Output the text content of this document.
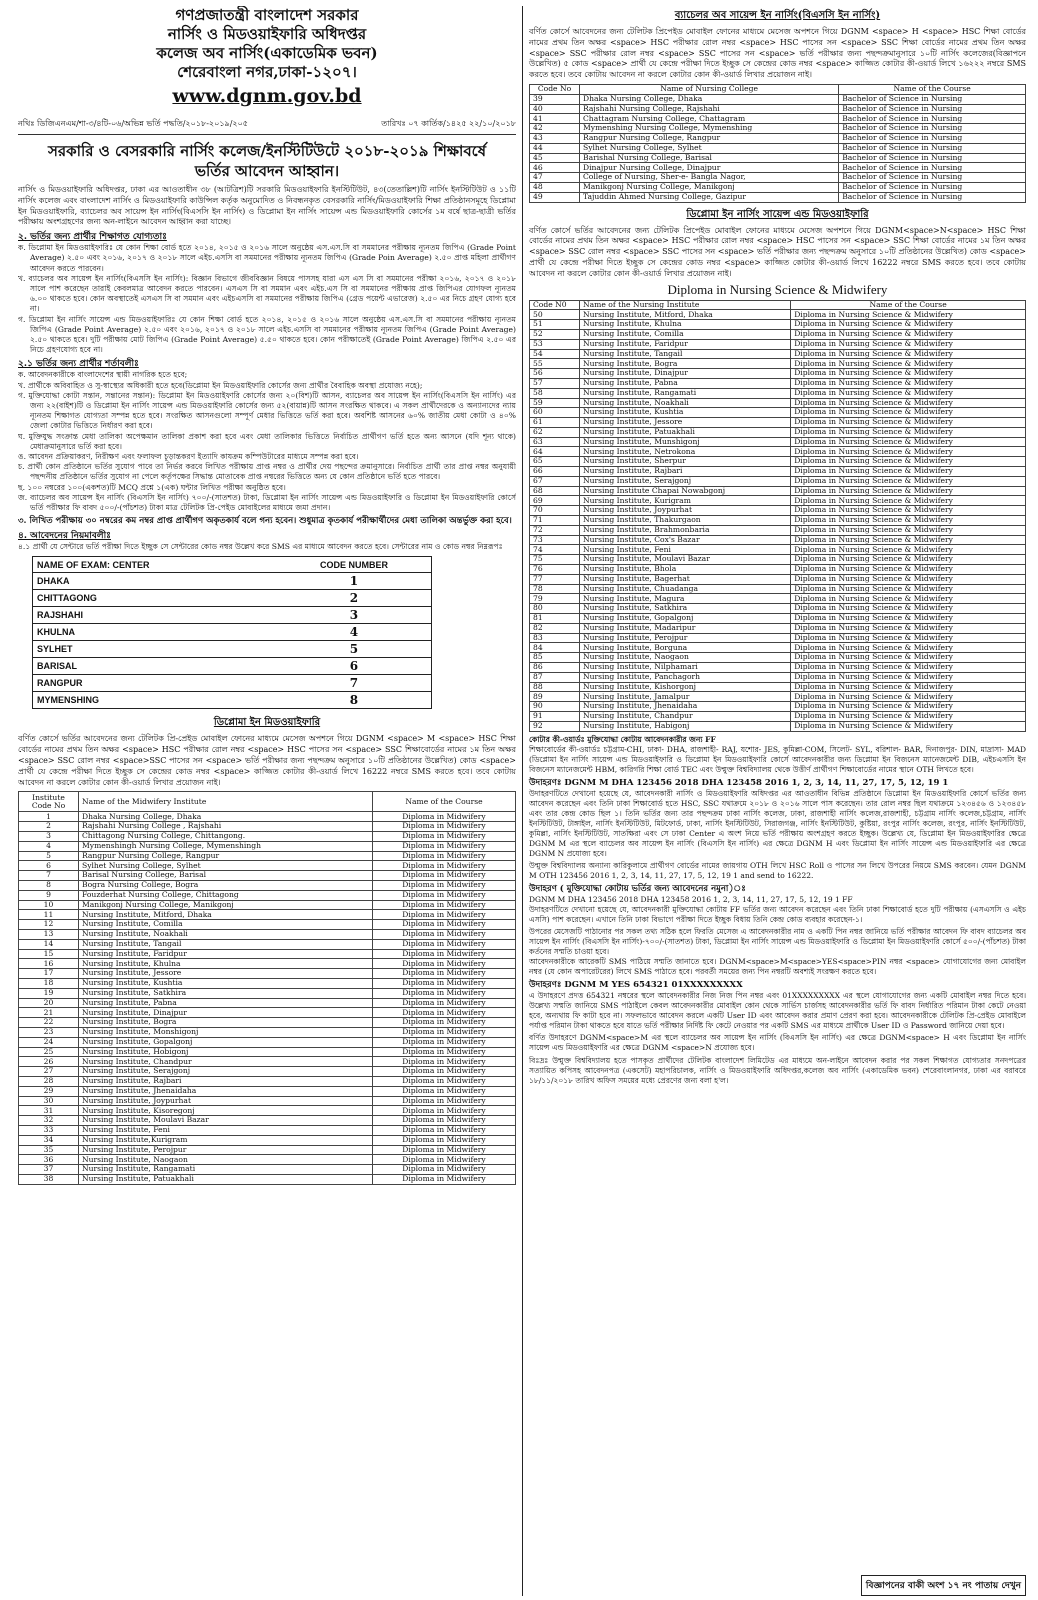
গণপ্রজাতন্ত্রী বাংলাদেশ সরকার
নার্সিং ও মিডওয়াইফারি অধিদপ্তর
কলেজ অব নার্সিং(একাডেমিক ভবন)
শেরেবাংলা নগর,ঢাকা-১২০৭।
www.dgnm.gov.bd
নথিঃ ডিজিএনএম/শা-৩/৪টি-০৬/অভিন্ন ভর্তি পদ্ধতি/২০১৮-২০১৯/২০৫	তারিখঃ ০৭ কার্তিক/১৪২৫ ২২/১০/২০১৮
সরকারি ও বেসরকারি নার্সিং কলেজ/ইনস্টিটিউটে ২০১৮-২০১৯ শিক্ষাবর্ষে
ভর্তির আবেদন আহ্বান।

নার্সিং ও মিডওয়াইফারি অধিদপ্তর, ঢাকা এর আওতাধীন ৩৮ (আটত্রিশ)টি সরকারি মিডওয়াইফারি ইনস্টিটিউট, ৪৩(তেতাল্লিশ)টি নার্সিং ইনস্টিটিউট ও ১১টি নার্সিং কলেজ এবং বাংলাদেশ নার্সিং ও মিডওয়াইফারি কাউন্সিল কর্তৃক অনুমোদিত ও নিবন্ধনকৃত বেসরকারি নার্সিং/মিডওয়াইফারি শিক্ষা প্রতিষ্ঠানসমূহে ডিপ্লোমা ইন মিডওয়াইফারি, ব্যাচেলর অব সায়েন্স ইন নার্সিং(বিএসসি ইন নার্সিং) ও ডিপ্লোমা ইন নার্সিং সায়েন্স এন্ড মিডওয়াইফারি কোর্সের ১ম বর্ষে ছাত্র-ছাত্রী ভর্তির পরীক্ষায় অংশগ্রহণের জন্য অন-লাইনে আবেদন আহ্বান করা যাচ্ছে।

২. ভর্তির জন্য প্রার্থীর শিক্ষাগত যোগ্যতাঃ
ক. ডিপ্লোমা ইন মিডওয়াইফারিঃ যে কোন শিক্ষা বোর্ড হতে ২০১৪, ২০১৫ ও ২০১৬ সালে অনুষ্ঠেয় এস.এস.সি বা সমমানের পরীক্ষায় ন্যূনতম জিপিএ (Grade Point Average) ২.৫০ এবং ২০১৬, ২০১৭ ও ২০১৮ সালে এইচ.এসসি বা সমমানের পরীক্ষায় ন্যূনতম জিপিএ (Grade Poin Average) ২.৫০ প্রাপ্ত মহিলা প্রার্থীগণ আবেদন করতে পারবেন।
খ. ব্যাচেলর অব সায়েন্স ইন নার্সিং(বিএসসি ইন নার্সিং): বিজ্ঞান বিভাগে জীববিজ্ঞান বিষয়ে পাসসহ যারা এস এস সি বা সমমানের পরীক্ষা ২০১৬, ২০১৭ ও ২০১৮ সালে পাশ করেছেন তারাই কেবলমাত্র আবেদন করতে পারবেন। এসএস সি বা সমমান এবং এইচ.এস সি বা সমমানের পরীক্ষায় প্রাপ্ত জিপিএর যোগফল ন্যূনতম ৬.০০ থাকতে হবে। কোন অবস্থাতেই এসএস সি বা সমমান এবং এইচএসসি বা সমমানের পরীক্ষায় জিপিএ (গ্রেড পয়েন্ট এভারেজ) ২.৫০ এর নিচে গ্রহণ যোগ্য হবে না।
গ. ডিপ্লোমা ইন নার্সিং সায়েন্স এন্ড মিডওয়াইফারিঃ যে কোন শিক্ষা বোর্ড হতে ২০১৪, ২০১৫ ও ২০১৬ সালে অনুষ্ঠেয় এস.এস.সি বা সমমানের পরীক্ষায় ন্যূনতম জিপিএ (Grade Point Average) ২.৫০ এবং ২০১৬, ২০১৭ ও ২০১৮ সালে এইচ.এসসি বা সমমানের পরীক্ষায় ন্যূনতম জিপিএ (Grade Point Average) ২.৫০ থাকতে হবে। দুটি পরীক্ষায় মোট জিপিএ (Grade Point Average) ৫.৫০ থাকতে হবে। কোন পরীক্ষাতেই (Grade Point Average) জিপিএ ২.৫০ এর নিচে গ্রহণযোগ্য হবে না।
২.১ ভর্তির জন্য প্রার্থীর শর্তাবলীঃ
ক. আবেদনকারীকে বাংলাদেশের স্থায়ী নাগরিক হতে হবে;
খ. প্রার্থীকে অবিবাহিত ও সু-স্বাস্থ্যের অধিকারী হতে হবে(ডিপ্লোমা ইন মিডওয়াইফারি কোর্সের জন্য প্রার্থীর বৈবাহিক অবস্থা প্রযোজ্য নহে);
গ. মুক্তিযোদ্ধা কোটা সন্তান, সন্তানের সন্তান): ডিপ্লোমা ইন মিডওয়াইফারি কোর্সের জন্য ২০(বিশ)টি আসন, ব্যাচেলর অব সায়েন্স ইন নার্সিং(বিএসসি ইন নার্সিং) এর জন্য ২২(বাইশ)টি ও ডিপ্লোমা ইন নার্সিং সায়েন্স এন্ড মিডওয়াইফারি কোর্সের জন্য ৫২(বায়ান্ন)টি আসন সংরক্ষিত থাকবে। এ সকল প্রার্থীদেরকে ও অন্যান্যদের ন্যায় ন্যূনতম শিক্ষাগত যোগ্যতা সম্পন্ন হতে হবে। সংরক্ষিত আসনগুলো সম্পূর্ণ মেধার ভিত্তিতে ভর্তি করা হবে। অবশিষ্ট আসনের ৬০% জাতীয় মেধা কোটা ও ৪০% জেলা কোটার ভিত্তিতে নির্ধারণ করা হবে।
ঘ. মুক্তিযুদ্ধ সংক্রান্ত মেধা তালিকা অপেক্ষমান তালিকা প্রকাশ করা হবে এবং মেধা তালিকার ভিত্তিতে নির্বাচিত প্রার্থীগণ ভর্তি হতে অন্য আসনে (যদি শূন্য থাকে) মেধাক্রমানুসারে ভর্তি করা হবে।
ঙ. আবেদন প্রক্রিয়াকরণ, নিরীক্ষণ এবং ফলাফল চূড়ান্তকরণ ইত্যাদি কাযক্রম কম্পিউটারের মাধ্যমে সম্পন্ন করা হবে।
চ. প্রার্থী কোন প্রতিষ্ঠানে ভর্তির সুযোগ পাবে তা নির্ভর করবে লিখিত পরীক্ষায় প্রাপ্ত নম্বর ও প্রার্থীর দেয় পছন্দের ক্রমানুসারে। নির্বাচিত প্রার্থী তার প্রাপ্ত নম্বর অনুযায়ী পছন্দনীয় প্রতিষ্ঠানে ভর্তির সুযোগ না পেলে কর্তৃপক্ষের সিদ্ধান্ত মোতাবেক প্রাপ্ত নম্বরের ভিত্তিতে অন্য যে কোন প্রতিষ্ঠানে ভর্তি হতে পারবে।
ছ. ১০০ নম্বরের ১০০(একশত)টি MCQ প্রশ্নে ১(এক) ঘন্টার লিখিত পরীক্ষা অনুষ্ঠিত হবে।
জ. ব্যাচেলর অব সায়েন্স ইন নার্সিং (বিএসসি ইন নার্সিং) ৭০০/-(সাতশত) টাকা, ডিপ্লোমা ইন নার্সিং সায়েন্স এন্ড মিডওয়াইফারি ও ডিপ্লোমা ইন মিডওয়াইফারি কোর্সে ভর্তি পরীক্ষার ফি বাবদ ৫০০/-(পাঁচশত) টাকা মাত্র টেলিটক প্রি-পেইড মোবাইলের মাধ্যমে জমা প্রদান।
৩. লিখিত পরীক্ষায় ৩০ নম্বরের কম নম্বর প্রাপ্ত প্রার্থীগণ অকৃতকার্য বলে গন্য হবেন। শুধুমাত্র কৃতকার্য পরীক্ষার্থীদের মেধা তালিকা অন্তর্ভুক্ত করা হবে।
৪. আবেদনের নিয়মাবলীঃ
৪.১ প্রার্থী যে সেন্টারে ভর্তি পরীক্ষা দিতে ইচ্ছুক সে সেন্টারের কোড নম্বর উল্লেখ করে SMS এর মাধ্যমে আবেদন করতে হবে। সেন্টারের নাম ও কোড নম্বর নিম্নরূপঃ
NAME OF EXAM: CENTER	CODE NUMBER
DHAKA	1
CHITTAGONG	2
RAJSHAHI	3
KHULNA	4
SYLHET	5
BARISAL	6
RANGPUR	7
MYMENSHING	8
ডিপ্লোমা ইন মিডওয়াইফারি

বর্ণিত কোর্সে ভর্তির আবেদনের জন্য টেলিটক প্রি-প্রেইড মোবাইল ফোনের মাধ্যমে মেসেজ অপশনে গিয়ে DGNM <space> M <space> HSC শিক্ষা বোর্ডের নামের প্রথম তিন অক্ষর <space> HSC পরীক্ষার রোল নম্বর <space> HSC পাসের সন <space> SSC শিক্ষাবোর্ডের নামের ১ম তিন অক্ষর <space> SSC রোল নম্বর <space>SSC পাসের সন <space> ভর্তি পরীক্ষার জন্য পছন্দক্রম অনুসারে ১০টি প্রতিষ্ঠানের উল্লেখিত) কোড <space> প্রার্থী যে কেন্দ্রে পরীক্ষা দিতে ইচ্ছুক সে কেন্দ্রের কোড নম্বর <space> কাজ্জিত কোটার কী-ওয়ার্ড লিখে 16222 নম্বরে SMS করতে হবে। তবে কোটায় আবেদন না করলে কোটার কোন কী-ওয়ার্ড লিখার প্রয়োজন নাই।

Institute Code No	Name of the Midwifery Institute	Name of the Course
1	Dhaka Nursing College, Dhaka	Diploma in Midwifery
2	Rajshahi Nursing College , Rajshahi	Diploma in Midwifery
3	Chittagong Nursing College, Chittangong.	Diploma in Midwifery
4	Mymenshingh Nursing College, Mymenshingh	Diploma in Midwifery
5	Rangpur Nursing College, Rangpur	Diploma in Midwifery
6	Sylhet Nursing College, Sylhet	Diploma in Midwifery
7	Barisal Nursing College, Barisal	Diploma in Midwifery
8	Bogra Nursing College, Bogra	Diploma in Midwifery
9	Fouzderhat Nursing College, Chittagong	Diploma in Midwifery
10	Manikgonj Nursing College, Manikgonj	Diploma in Midwifery
11	Nursing Institute, Mitford, Dhaka	Diploma in Midwifery
12	Nursing Institute, Comilla	Diploma in Midwifery
13	Nursing Institute, Noakhali	Diploma in Midwifery
14	Nursing Institute, Tangail	Diploma in Midwifery
15	Nursing Institute, Faridpur	Diploma in Midwifery
16	Nursing Institute, Khulna	Diploma in Midwifery
17	Nursing Institute, Jessore	Diploma in Midwifery
18	Nursing Institute, Kushtia	Diploma in Midwifery
19	Nursing Institute, Satkhira	Diploma in Midwifery
20	Nursing Institute, Pabna	Diploma in Midwifery
21	Nursing Institute, Dinajpur	Diploma in Midwifery
22	Nursing Institute, Bogra	Diploma in Midwifery
23	Nursing Institute, Monshigonj	Diploma in Midwifery
24	Nursing Institute, Gopalgonj	Diploma in Midwifery
25	Nursing Institute, Hobigonj	Diploma in Midwifery
26	Nursing Institute, Chandpur	Diploma in Midwifery
27	Nursing Institute, Serajgonj	Diploma in Midwifery
28	Nursing Institute, Rajbari	Diploma in Midwifery
29	Nursing Institute, Jhenaidaha	Diploma in Midwifery
30	Nursing Institute, Joypurhat	Diploma in Midwifery
31	Nursing Institute, Kisoregonj	Diploma in Midwifery
32	Nursing Institute, Moulavi Bazar	Diploma in Midwifery
33	Nursing Institute, Feni	Diploma in Midwifery
34	Nursing Institute,Kurigram	Diploma in Midwifery
35	Nursing Institute, Perojpur	Diploma in Midwifery
36	Nursing Institute, Naogaon	Diploma in Midwifery
37	Nursing Institute, Rangamati	Diploma in Midwifery
38	Nursing Institute, Patuakhali	Diploma in Midwifery
ব্যাচেলর অব সায়েন্স ইন নার্সিং(বিএসসি ইন নার্সিং)

বর্ণিত কোর্সে আবেদনের জন্য টেলিটক প্রিপেইড মোবাইল ফোনের মাধ্যমে মেসেজ অপশনে গিয়ে DGNM <space> H <space> HSC শিক্ষা বোর্ডের নামের প্রথম তিন অক্ষর <space> HSC পরীক্ষার রোল নম্বর <space> HSC পাসের সন <space> SSC শিক্ষা বোর্ডের নামের প্রথম তিন অক্ষর <space> SSC পরীক্ষার রোল নম্বর <space> SSC পাসের সন <space> ভর্তি পরীক্ষার জন্য পছন্দক্রমানুসারে ১০টি নার্সিং কলেজের(বিজ্ঞাপনে উল্লেখিত) ৫ কোড <space> প্রার্থী যে কেন্দ্রে পরীক্ষা দিতে ইচ্ছুক সে কেন্দ্রের কোড নম্বর <space> কাজ্জিত কোটার কী-ওয়ার্ড লিখে ১৬২২২ নম্বরে SMS করতে হবে। তবে কোটায় আবেদন না করলে কোটার কোন কী-ওয়ার্ড লিখার প্রয়োজন নাই।

Code No	Name of Nursing College	Name of the Course
39	Dhaka Nursing College, Dhaka	Bachelor of Science in Nursing
40	Rajshahi Nursing College, Rajshahi	Bachelor of Science in Nursing
41	Chattagram Nursing College, Chattagram	Bachelor of Science in Nursing
42	Mymenshing Nursing College, Mymenshing	Bachelor of Science in Nursing
43	Rangpur Nursing College, Rangpur	Bachelor of Science in Nursing
44	Sylhet Nursing College, Sylhet	Bachelor of Science in Nursing
45	Barishal Nursing College, Barisal	Bachelor of Science in Nursing
46	Dinajpur Nursing College, Dinajpur	Bachelor of Science in Nursing
47	College of Nursing, Sher-e- Bangla Nagor,	Bachelor of Science in Nursing
48	Manikgonj Nursing College, Manikgonj	Bachelor of Science in Nursing
49	Tajuddin Ahmed Nursing College, Gazipur	Bachelor of Science in Nursing
ডিপ্লোমা ইন নার্সিং সায়েন্স এন্ড মিডওয়াইফারি

বর্ণিত কোর্সে ভর্তির আবেদনের জন্য টেলিটক প্রিপেইড মোবাইল ফোনের মাধ্যমে মেসেজ অপশনে গিয়ে DGNM<space>N<space> HSC শিক্ষা বোর্ডের নামের প্রথম তিন অক্ষর <space> HSC পরীক্ষার রোল নম্বর <space> HSC পাসের সন <space> SSC শিক্ষা বোর্ডের নামের ১ম তিন অক্ষর <space> SSC রোল নম্বর <space> SSC পাসের সন <space> ভর্তি পরীক্ষার জন্য পছন্দক্রম অনুসারে ১০টি প্রতিষ্ঠানের উল্লেখিত) কোড <space> প্রার্থী যে কেন্দ্রে পরীক্ষা দিতে ইচ্ছুক সে কেন্দ্রের কোড নম্বর <space> কাজ্জিত কোটার কী-ওয়ার্ড লিখে 16222 নম্বরে SMS করতে হবে। তবে কোটায় আবেদন না করলে কোটার কোন কী-ওয়ার্ড লিখার প্রয়োজন নাই।

Diploma in Nursing Science & Midwifery
Code N0	Name of the Nursing Institute	Name of the Course
50	Nursing Institute, Mitford, Dhaka	Diploma in Nursing Science & Midwifery
51	Nursing Institute, Khulna	Diploma in Nursing Science & Midwifery
52	Nursing Institute, Comilla	Diploma in Nursing Science & Midwifery
53	Nursing Institute, Faridpur	Diploma in Nursing Science & Midwifery
54	Nursing Institute, Tangail	Diploma in Nursing Science & Midwifery
55	Nursing Institute, Bogra	Diploma in Nursing Science & Midwifery
56	Nursing Institute, Dinajpur	Diploma in Nursing Science & Midwifery
57	Nursing Institute, Pabna	Diploma in Nursing Science & Midwifery
58	Nursing Institute, Rangamati	Diploma in Nursing Science & Midwifery
59	Nursing Institute, Noakhali	Diploma in Nursing Science & Midwifery
60	Nursing Institute, Kushtia	Diploma in Nursing Science & Midwifery
61	Nursing Institute, Jessore	Diploma in Nursing Science & Midwifery
62	Nursing Institute, Patuakhali	Diploma in Nursing Science & Midwifery
63	Nursing Institute, Munshigonj	Diploma in Nursing Science & Midwifery
64	Nursing Institute, Netrokona	Diploma in Nursing Science & Midwifery
65	Nursing Institute, Sherpur	Diploma in Nursing Science & Midwifery
66	Nursing Institute, Rajbari	Diploma in Nursing Science & Midwifery
67	Nursing Institute, Serajgonj	Diploma in Nursing Science & Midwifery
68	Nursing Institute Chapai Nowabgonj	Diploma in Nursing Science & Midwifery
69	Nursing Institute, Kurigram	Diploma in Nursing Science & Midwifery
70	Nursing Institute, Joypurhat	Diploma in Nursing Science & Midwifery
71	Nursing Institute, Thakurgaon	Diploma in Nursing Science & Midwifery
72	Nursing Institute, Brahmonbaria	Diploma in Nursing Science & Midwifery
73	Nursing Institute, Cox's Bazar	Diploma in Nursing Science & Midwifery
74	Nursing Institute, Feni	Diploma in Nursing Science & Midwifery
75	Nursing Institute, Moulavi Bazar	Diploma in Nursing Science & Midwifery
76	Nursing Institute, Bhola	Diploma in Nursing Science & Midwifery
77	Nursing Institute, Bagerhat	Diploma in Nursing Science & Midwifery
78	Nursing Institute, Chuadanga	Diploma in Nursing Science & Midwifery
79	Nursing Institute, Magura	Diploma in Nursing Science & Midwifery
80	Nursing Institute, Satkhira	Diploma in Nursing Science & Midwifery
81	Nursing Institute, Gopalgonj	Diploma in Nursing Science & Midwifery
82	Nursing Institute, Madaripur	Diploma in Nursing Science & Midwifery
83	Nursing Institute, Perojpur	Diploma in Nursing Science & Midwifery
84	Nursing Institute, Borguna	Diploma in Nursing Science & Midwifery
85	Nursing Institute, Naogaon	Diploma in Nursing Science & Midwifery
86	Nursing Institute, Nilphamari	Diploma in Nursing Science & Midwifery
87	Nursing Institute, Panchagorh	Diploma in Nursing Science & Midwifery
88	Nursing Institute, Kishorgonj	Diploma in Nursing Science & Midwifery
89	Nursing Institute, Jamalpur	Diploma in Nursing Science & Midwifery
90	Nursing Institute, Jhenaidaha	Diploma in Nursing Science & Midwifery
91	Nursing Institute, Chandpur	Diploma in Nursing Science & Midwifery
92	Nursing Institute, Habigonj	Diploma in Nursing Science & Midwifery
কোটার কী-ওয়ার্ডঃ মুক্তিযোদ্ধা কোটায় আবেদনকারীর জন্য FF
শিক্ষাবোর্ডের কী-ওয়ার্ডঃ চট্টগ্রাম-CHI, ঢাকা- DHA, রাজশাহী- RAJ, যশোর- JES, কুমিল্লা-COM, সিলেট- SYL, বরিশাল- BAR, দিনাজপুর- DIN, মাদ্রাসা- MAD (ডিপ্লোমা ইন নার্সিং সায়েন্স এন্ড মিডওয়াইফারি ও ডিপ্লোমা ইন মিডওয়াইফারি কোর্সে আবেদনকারীর জন্য ডিপ্লোমা ইন বিজনেস ম্যানেজমেন্ট DIB, এইচএসসি ইন বিজনেস ম্যানেজমেন্ট HBM, কারিগরি শিক্ষা বোর্ড TEC এবং উন্মুক্ত বিশ্ববিদ্যালয় থেকে উত্তীর্ণ প্রার্থীগণ শিক্ষাবোর্ডের নামের স্থানে OTH লিখতে হবে।
উদাহরণঃ DGNM M DHA 123456 2018 DHA 123458 2016 1, 2, 3, 14, 11, 27, 17, 5, 12, 19 1
উদাহরণটিতে দেখানো হয়েছে যে, আবেদনকারী নার্সিং ও মিডওয়াইফারি অধিদপ্তর এর আওতাধীন বিভিন্ন প্রতিষ্ঠানে ডিপ্লোমা ইন মিডওয়াইফারি কোর্সে ভর্তির জন্য আবেদন করেছেন এবং তিনি ঢাকা শিক্ষাবোর্ড হতে HSC, SSC যথাক্রমে ২০১৮ ও ২০১৬ সালে পাস করেছেন। তার রোল নম্বর ছিল যথাক্রমে ১২৩৪৫৬ ও ১২৩৪৫৮ এবং তার কেন্দ্র কোড ছিল ১। তিনি ভর্তির জন্য তার পছন্দক্রম ঢাকা নার্সিং কলেজ, ঢাকা, রাজশাহী নার্সিং কলেজ,রাজশাহী, চট্টগ্রাম নার্সিং কলেজ,চট্টগ্রাম, নার্সিং ইনস্টিটিউট, টাঙ্গাইল, নার্সিং ইনস্টিটিউট, মিটফোর্ড, ঢাকা, নার্সিং ইনস্টিটিউট, সিরাজগঞ্জ, নার্সিং ইনস্টিটিউট, কুষ্টিয়া, রংপুর নার্সিং কলেজ, রংপুর, নার্সিং ইনস্টিটিউট, কুমিল্লা, নার্সিং ইনস্টিটিউট, সাতক্ষিরা এবং সে ঢাকা Center এ অংশ নিয়ে ভর্তি পরীক্ষায় অংশগ্রহণ করতে ইচ্ছুক। উল্লেখ্য যে, ডিপ্লোমা ইন মিডওয়াইফারির ক্ষেত্রে DGNM M এর স্থলে ব্যাচেলর অব সায়েন্স ইন নার্সিং (বিএসসি ইন নার্সিং) এর ক্ষেত্রে DGNM H এবং ডিপ্লোমা ইন নার্সিং সায়েন্স এন্ড মিডওয়াইফারি এর ক্ষেত্রে DGNM N প্রযোজ্য হবে।
উন্মুক্ত বিশ্ববিদ্যালয় অন্যান্য কারিকুলামে প্রার্থীগণ বোর্ডের নামের জায়গায় OTH লিখে HSC Roll ও পাসের সন লিখে উপরের নিয়মে SMS করবেন। যেমন DGNM M OTH 123456 2016 1, 2, 3, 14, 11, 27, 17, 5, 12, 19 1 and send to 16222.
উদাহরণ ( মুক্তিযোদ্ধা কোটায় ভর্তির জন্য আবেদনের নমুনা)ঃ
DGNM M DHA 123456 2018 DHA 123458 2016 1, 2, 3, 14, 11, 27, 17, 5, 12, 19 1 FF
উদাহরণটিতে দেখানো হয়েছে যে, আবেদনকারী মুক্তিযোদ্ধা কোটায় FF ভর্তির জন্য আবেদন করেছেন এবং তিনি ঢাকা শিক্ষাবোর্ড হতে দুটি পরীক্ষায় (এসএসসি ও এইচ এসসি) পাশ করেছেন। এখানে তিনি ঢাকা বিভাগে পরীক্ষা দিতে ইচ্ছুক বিধায় তিনি কেন্দ্র কোড ব্যবহার করেছেন-১।
উপরের মেসেজটি পাঠানোর পর সকল তথ্য সঠিক হলে ফিরতি মেসেজ এ আবেদনকারীর নাম ও একটি পিন নম্বর জানিয়ে ভর্তি পরীক্ষার আবেদন ফি বাবদ ব্যাচেলর অব সায়েন্স ইন নার্সিং (বিএসসি ইন নার্সিং)-৭০০/-(সাতশত) টাকা, ডিপ্লোমা ইন নার্সিং সায়েন্স এন্ড মিডওয়াইফারি ও ডিপ্লোমা ইন মিডওয়াইফারি কোর্সে ৫০০/-(পাঁচশত) টাকা কর্তনের সম্মতি চাওয়া হবে।
আবেদনকারীকে আরেকটি SMS পাঠিয়ে সম্মতি জানাতে হবে। DGNM<space>M<space>YES<space>PIN নম্বর <space> যোগাযোগের জন্য মোবাইল নম্বর (যে কোন অপারেটরের) লিখে SMS পাঠাতে হবে। পরবর্তী সময়ের জন্য পিন নম্বরটি অবশ্যই সংরক্ষণ করতে হবে।
উদাহরণঃ DGNM M YES 654321 01XXXXXXXXX
এ উদাহরণে প্রদত্ত 654321 নম্বরের স্থলে আবেদনকারীর নিজ নিজ পিন নম্বর এবং 01XXXXXXXXX এর স্থলে যোগাযোগের জন্য একটি মোবাইল নম্বর দিতে হবে। উল্লেখ্য সম্মতি জানিয়ে SMS পাঠাইলে কেবল আবেদনকারীর মোবাইল কোন থেকে সার্ভিস চার্জসহ আবেদনকারীর ভর্তি ফি বাবদ নির্ধারিত পরিমান টাকা কেটে নেওয়া হবে, অন্যথায় ফি কাটা হবে না। সফলভাবে আবেদন করলে একটি User ID এবং আবেদন করার প্রমাণ প্রেরণ করা হবে। আবেদনকারীকে টেলিটক প্রি-প্রেইড মোবাইলে পর্যাপ্ত পরিমান টাকা থাকতে হবে যাতে ভর্তি পরীক্ষার নির্দিষ্ট ফি কেটে নেওয়ার পর একটি SMS এর মাধ্যমে প্রার্থীকে User ID ও Password জানিয়ে দেয়া হবে।
বর্ণিত উদাহরণে DGNM<space>M এর স্থলে ব্যাচেলর অব সায়েন্স ইন নার্সিং (বিএসসি ইন নার্সিং) এর ক্ষেত্রে DGNM<space> H এবং ডিপ্লোমা ইন নার্সিং সায়েন্স এন্ড মিডওয়াইফারি এর ক্ষেত্রে DGNM <space>N প্রযোজ্য হবে।
বিঃদ্রঃ উন্মুক্ত বিশ্ববিদ্যালয় হতে পাসকৃত প্রার্থীদের টেলিটক বাংলাদেশ লিমিটেড এর মাধ্যমে অন-লাইনে আবেদন করার পর সকল শিক্ষাগত যোগ্যতার সনদপত্রের সত্যায়িত কপিসহ আবেদনপত্র (একসেট) মহাপরিচালক, নার্সিং ও মিডওয়াইফারি অধিদপ্তর,কলেজ অব নার্সিং (একাডেমিক ভবন) শেরেবাংলানগর, ঢাকা এর বরাবরে ১৮/১১/২০১৮ তারিখ অফিস সময়ের মধ্যে প্রেরণের জন্য বলা হ'ল।
বিজ্ঞাপনের বাকী অংশ ১৭ নং পাতায় দেখুন
